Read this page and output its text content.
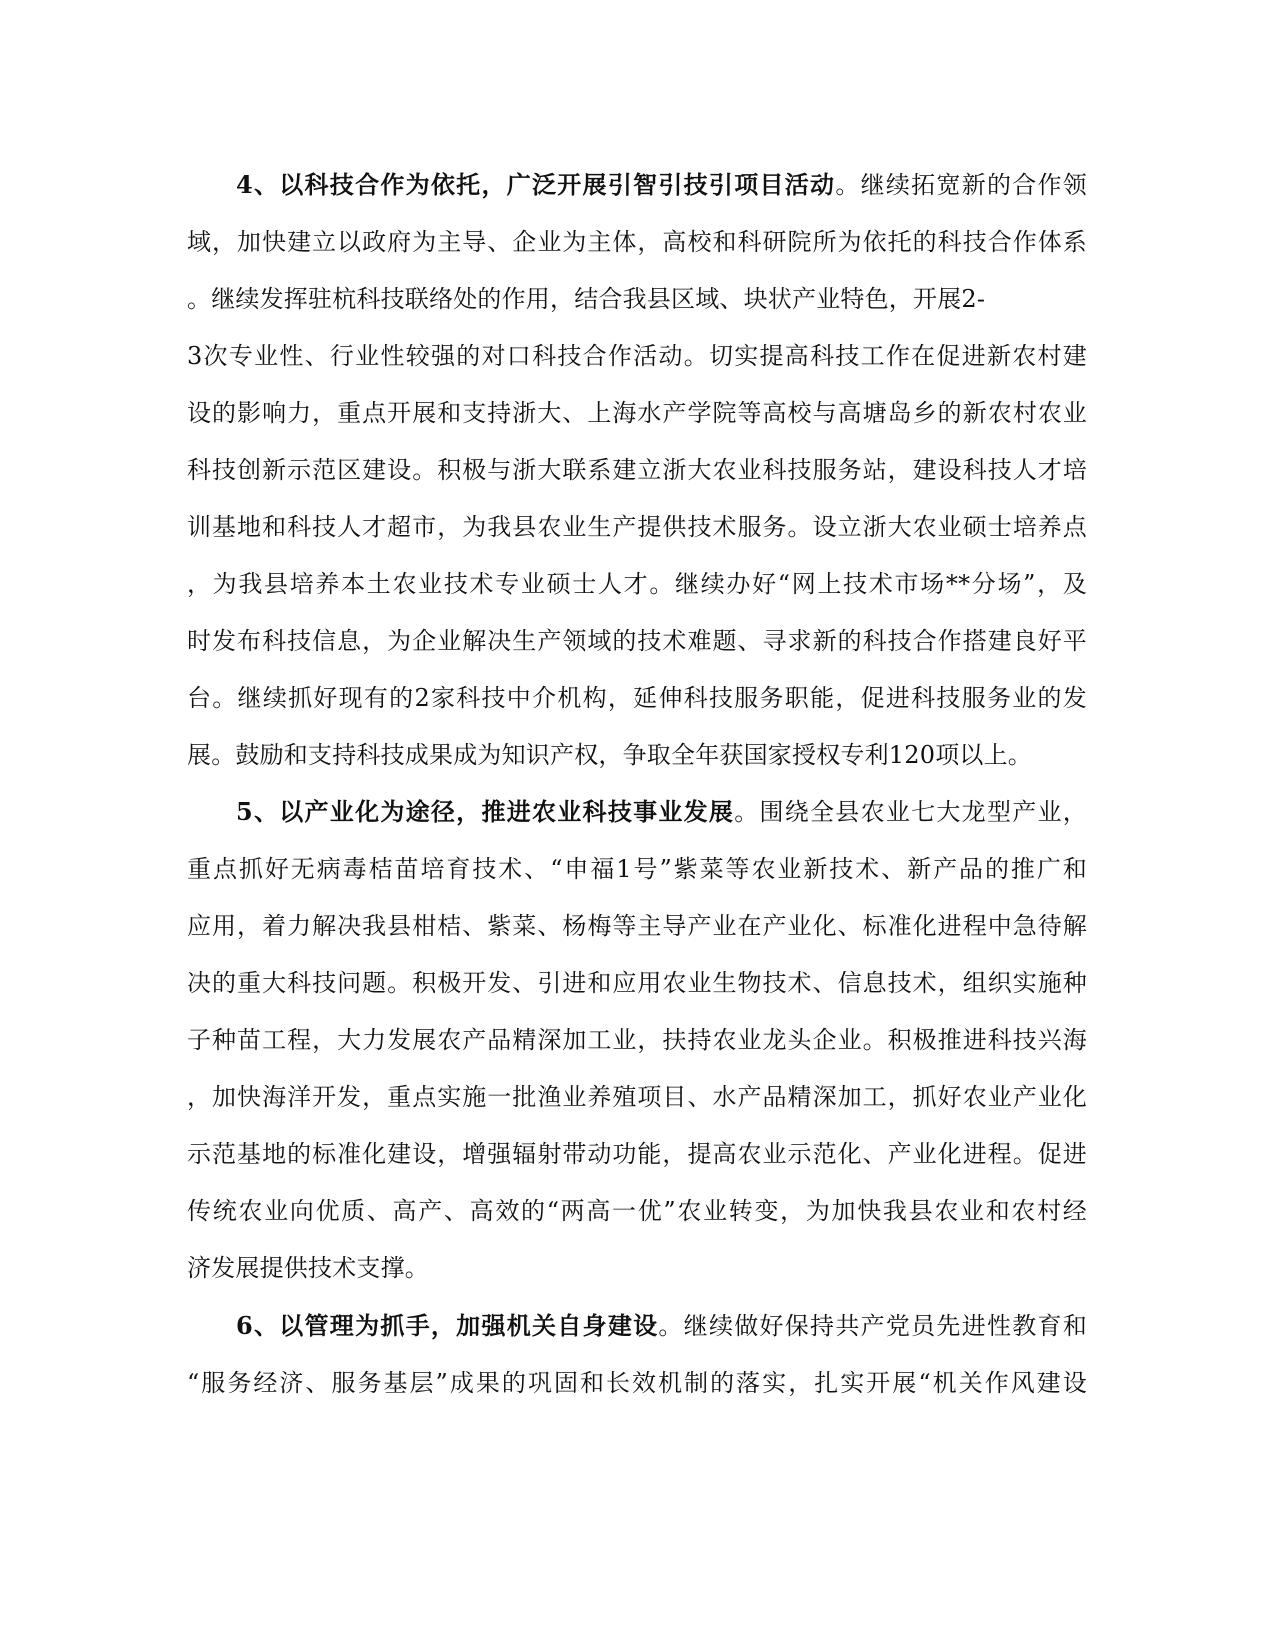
4、以科技合作为依托，广泛开展引智引技引项目活动。继续拓宽新的合作领
域，加快建立以政府为主导、企业为主体，高校和科研院所为依托的科技合作体系
。继续发挥驻杭科技联络处的作用，结合我县区域、块状产业特色，开展2-
3次专业性、行业性较强的对口科技合作活动。切实提高科技工作在促进新农村建
设的影响力，重点开展和支持浙大、上海水产学院等高校与高塘岛乡的新农村农业
科技创新示范区建设。积极与浙大联系建立浙大农业科技服务站，建设科技人才培
训基地和科技人才超市，为我县农业生产提供技术服务。设立浙大农业硕士培养点
，为我县培养本土农业技术专业硕士人才。继续办好“网上技术市场**分场”，及
时发布科技信息，为企业解决生产领域的技术难题、寻求新的科技合作搭建良好平
台。继续抓好现有的2家科技中介机构，延伸科技服务职能，促进科技服务业的发
展。鼓励和支持科技成果成为知识产权，争取全年获国家授权专利120项以上。
5、以产业化为途径，推进农业科技事业发展。围绕全县农业七大龙型产业，
重点抓好无病毒桔苗培育技术、“申福1号”紫菜等农业新技术、新产品的推广和
应用，着力解决我县柑桔、紫菜、杨梅等主导产业在产业化、标准化进程中急待解
决的重大科技问题。积极开发、引进和应用农业生物技术、信息技术，组织实施种
子种苗工程，大力发展农产品精深加工业，扶持农业龙头企业。积极推进科技兴海
，加快海洋开发，重点实施一批渔业养殖项目、水产品精深加工，抓好农业产业化
示范基地的标准化建设，增强辐射带动功能，提高农业示范化、产业化进程。促进
传统农业向优质、高产、高效的“两高一优”农业转变，为加快我县农业和农村经
济发展提供技术支撑。
6、以管理为抓手，加强机关自身建设。继续做好保持共产党员先进性教育和
“服务经济、服务基层”成果的巩固和长效机制的落实，扎实开展“机关作风建设
